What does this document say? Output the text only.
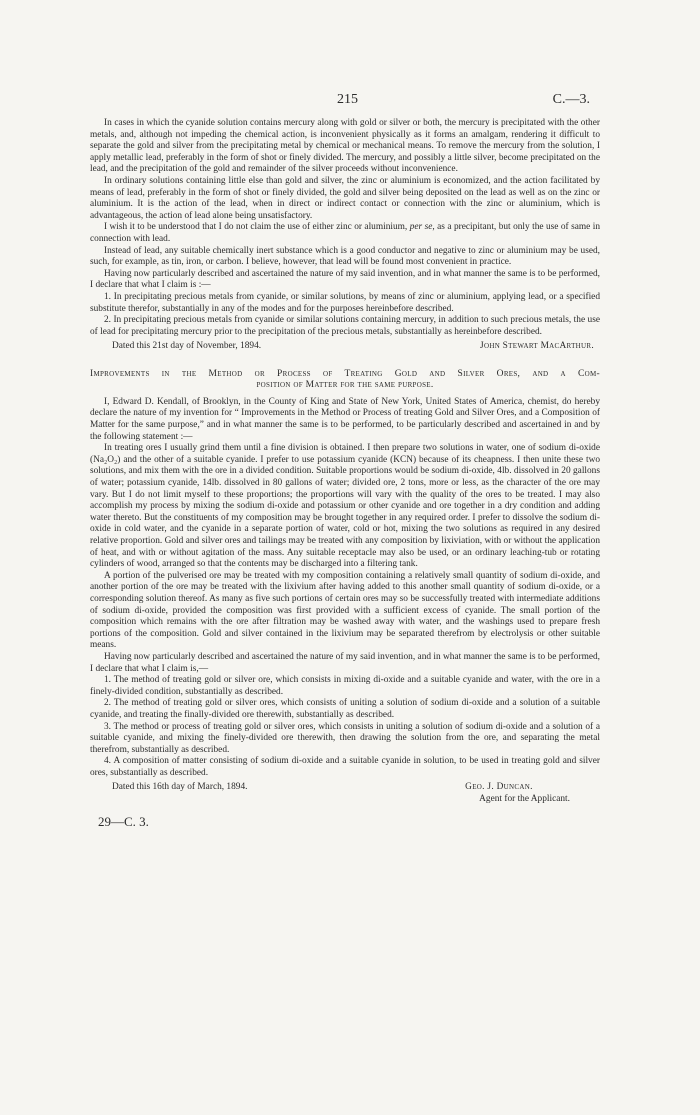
215	C.—3.

In cases in which the cyanide solution contains mercury along with gold or silver or both, the mercury is precipitated with the other metals, and, although not impeding the chemical action, is inconvenient physically as it forms an amalgam, rendering it difficult to separate the gold and silver from the precipitating metal by chemical or mechanical means. To remove the mercury from the solution, I apply metallic lead, preferably in the form of shot or finely divided. The mercury, and possibly a little silver, become precipitated on the lead, and the precipitation of the gold and remainder of the silver proceeds without inconvenience.

In ordinary solutions containing little else than gold and silver, the zinc or aluminium is economized, and the action facilitated by means of lead, preferably in the form of shot or finely divided, the gold and silver being deposited on the lead as well as on the zinc or aluminium. It is the action of the lead, when in direct or indirect contact or connection with the zinc or aluminium, which is advantageous, the action of lead alone being unsatisfactory.

I wish it to be understood that I do not claim the use of either zinc or aluminium, per se, as a precipitant, but only the use of same in connection with lead.

Instead of lead, any suitable chemically inert substance which is a good conductor and negative to zinc or aluminium may be used, such, for example, as tin, iron, or carbon. I believe, however, that lead will be found most convenient in practice.

Having now particularly described and ascertained the nature of my said invention, and in what manner the same is to be performed, I declare that what I claim is :—

1. In precipitating precious metals from cyanide, or similar solutions, by means of zinc or aluminium, applying lead, or a specified substitute therefor, substantially in any of the modes and for the purposes hereinbefore described.

2. In precipitating precious metals from cyanide or similar solutions containing mercury, in addition to such precious metals, the use of lead for precipitating mercury prior to the precipitation of the precious metals, substantially as hereinbefore described.

Dated this 21st day of November, 1894.	John Stewart MacArthur.
Improvements in the Method or Process of Treating Gold and Silver Ores, and a Com-
position of Matter for the same purpose.

I, Edward D. Kendall, of Brooklyn, in the County of King and State of New York, United States of America, chemist, do hereby declare the nature of my invention for “ Improvements in the Method or Process of treating Gold and Silver Ores, and a Composition of Matter for the same purpose,” and in what manner the same is to be performed, to be particularly described and ascertained in and by the following statement :—

In treating ores I usually grind them until a fine division is obtained. I then prepare two solutions in water, one of sodium di-oxide (Na₂O₂) and the other of a suitable cyanide. I prefer to use potassium cyanide (KCN) because of its cheapness. I then unite these two solutions, and mix them with the ore in a divided condition. Suitable proportions would be sodium di-oxide, 4lb. dissolved in 20 gallons of water; potassium cyanide, 14lb. dissolved in 80 gallons of water; divided ore, 2 tons, more or less, as the character of the ore may vary. But I do not limit myself to these proportions; the proportions will vary with the quality of the ores to be treated. I may also accomplish my process by mixing the sodium di-oxide and potassium or other cyanide and ore together in a dry condition and adding water thereto. But the constituents of my composition may be brought together in any required order. I prefer to dissolve the sodium di-oxide in cold water, and the cyanide in a separate portion of water, cold or hot, mixing the two solutions as required in any desired relative proportion. Gold and silver ores and tailings may be treated with any composition by lixiviation, with or without the application of heat, and with or without agitation of the mass. Any suitable receptacle may also be used, or an ordinary leaching-tub or rotating cylinders of wood, arranged so that the contents may be discharged into a filtering tank.

A portion of the pulverised ore may be treated with my composition containing a relatively small quantity of sodium di-oxide, and another portion of the ore may be treated with the lixivium after having added to this another small quantity of sodium di-oxide, or a corresponding solution thereof. As many as five such portions of certain ores may so be successfully treated with intermediate additions of sodium di-oxide, provided the composition was first provided with a sufficient excess of cyanide. The small portion of the composition which remains with the ore after filtration may be washed away with water, and the washings used to prepare fresh portions of the composition. Gold and silver contained in the lixivium may be separated therefrom by electrolysis or other suitable means.

Having now particularly described and ascertained the nature of my said invention, and in what manner the same is to be performed, I declare that what I claim is,—

1. The method of treating gold or silver ore, which consists in mixing di-oxide and a suitable cyanide and water, with the ore in a finely-divided condition, substantially as described.

2. The method of treating gold or silver ores, which consists of uniting a solution of sodium di-oxide and a solution of a suitable cyanide, and treating the finally-divided ore therewith, substantially as described.

3. The method or process of treating gold or silver ores, which consists in uniting a solution of sodium di-oxide and a solution of a suitable cyanide, and mixing the finely-divided ore therewith, then drawing the solution from the ore, and separating the metal therefrom, substantially as described.

4. A composition of matter consisting of sodium di-oxide and a suitable cyanide in solution, to be used in treating gold and silver ores, substantially as described.

Dated this 16th day of March, 1894.	Geo. J. Duncan.
Agent for the Applicant.
29—C. 3.
